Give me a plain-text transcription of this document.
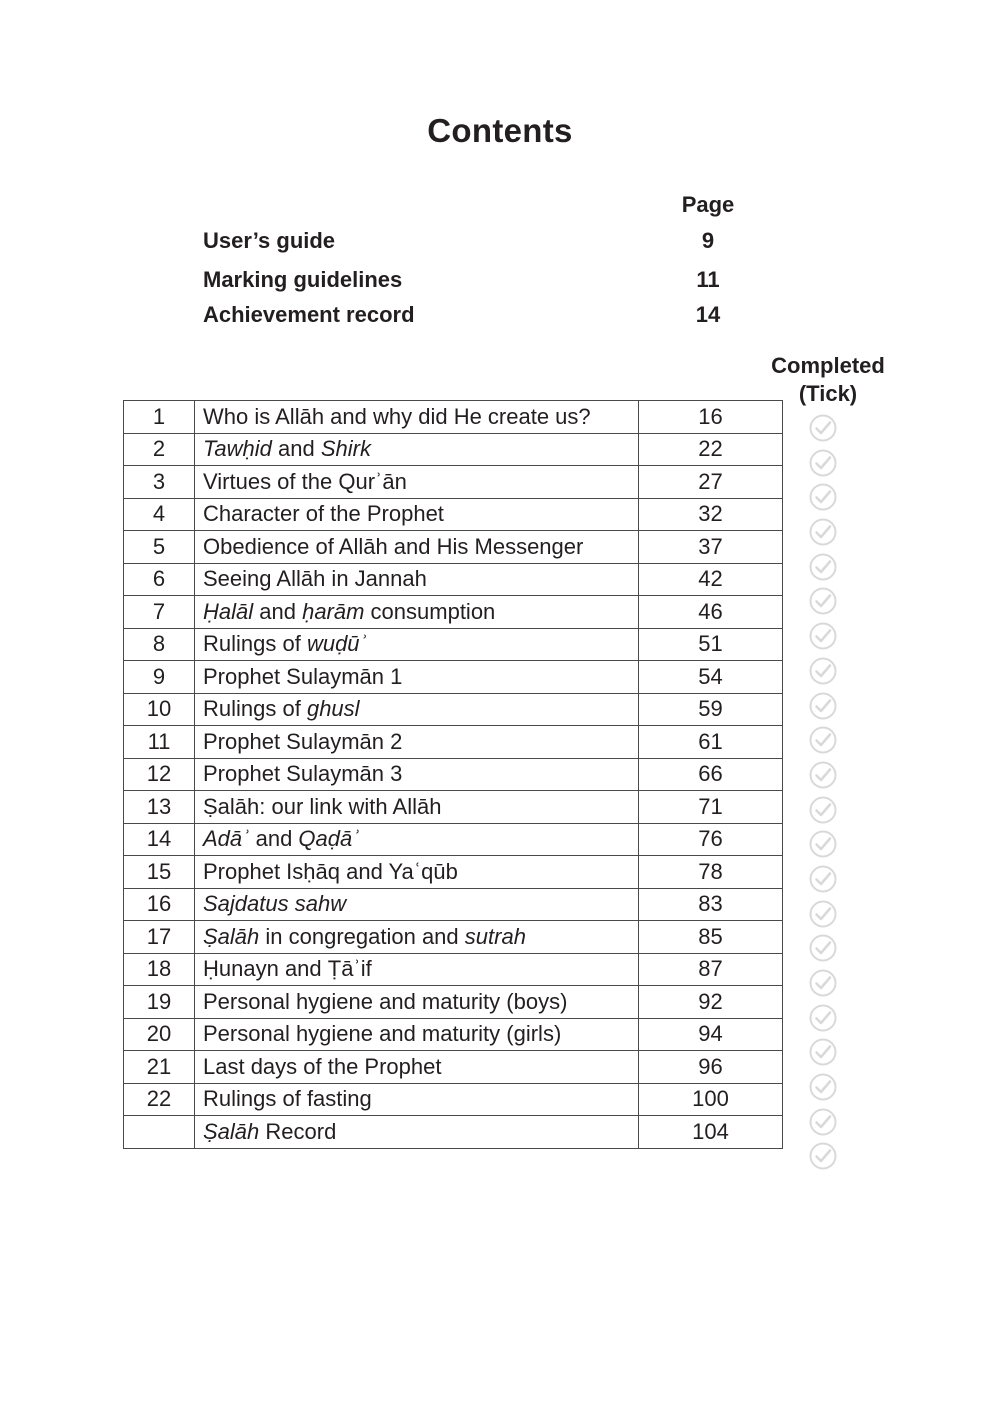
Contents
Page
User’s guide	9
Marking guidelines	11
Achievement record	14
Completed
(Tick)
1	Who is Allāh and why did He create us?	16
2	Tawḥid and Shirk	22
3	Virtues of the Qurʾān	27
4	Character of the Prophet	32
5	Obedience of Allāh and His Messenger	37
6	Seeing Allāh in Jannah	42
7	Ḥalāl and ḥarām consumption	46
8	Rulings of wuḍūʾ	51
9	Prophet Sulaymān 1	54
10	Rulings of ghusl	59
11	Prophet Sulaymān 2	61
12	Prophet Sulaymān 3	66
13	Ṣalāh: our link with Allāh	71
14	Adāʾ and Qaḍāʾ	76
15	Prophet Isḥāq and Yaʿqūb	78
16	Sajdatus sahw	83
17	Ṣalāh in congregation and sutrah	85
18	Ḥunayn and Ṭāʾif	87
19	Personal hygiene and maturity (boys)	92
20	Personal hygiene and maturity (girls)	94
21	Last days of the Prophet	96
22	Rulings of fasting	100
	Ṣalāh Record	104
